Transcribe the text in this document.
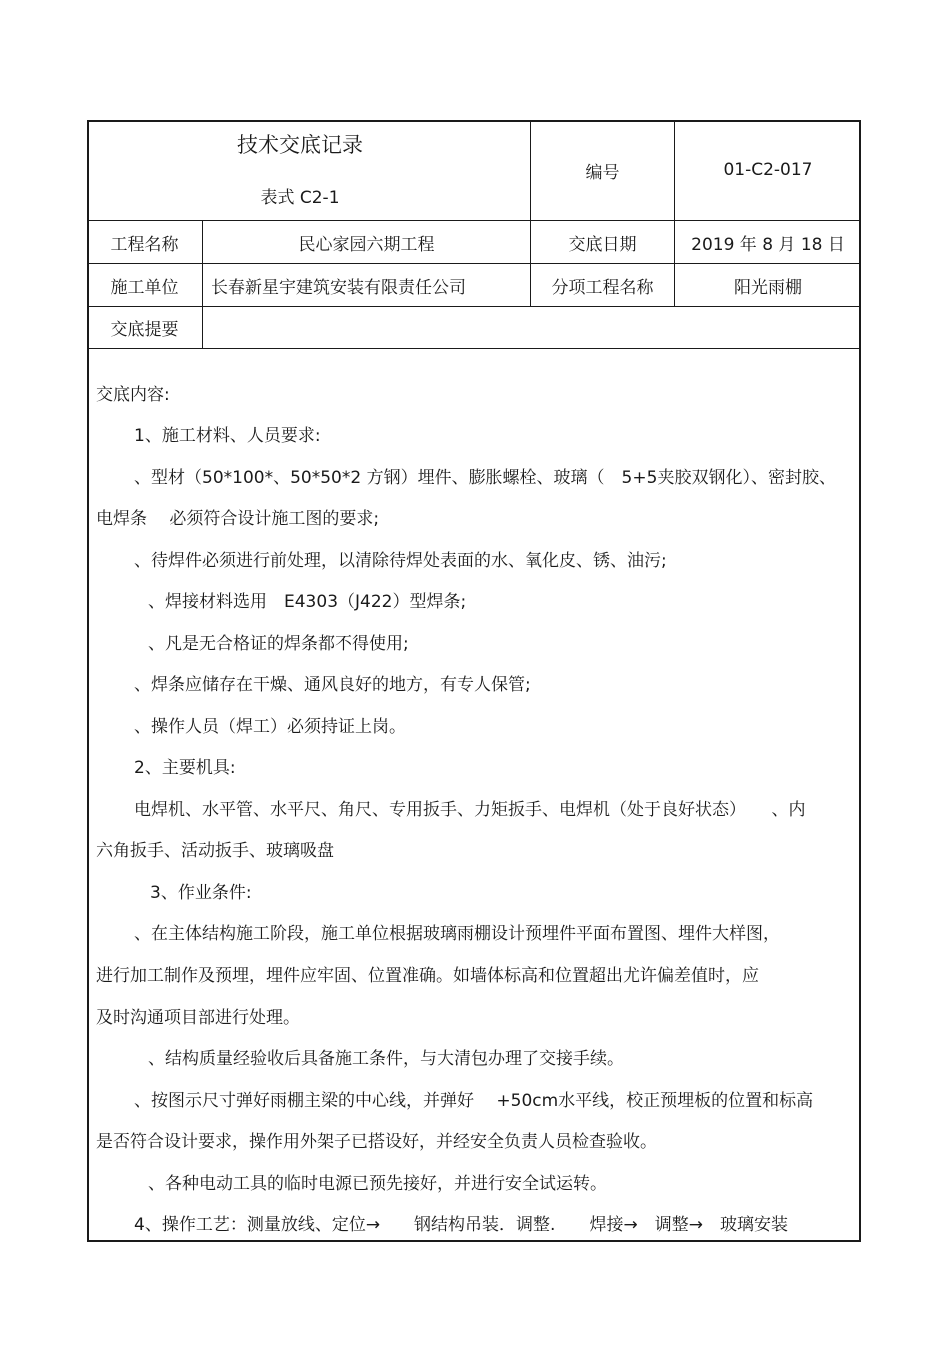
技术交底记录
表式 C2-1
编号	01-C2-017
工程名称	民心家园六期工程	交底日期	2019 年 8 月 18 日
施工单位	长春新星宇建筑安装有限责任公司	分项工程名称	阳光雨棚
交底提要
交底内容:
1、施工材料、人员要求:
、型材（50*100*、50*50*2 方钢）埋件、膨胀螺栓、玻璃（　5+5夹胶双钢化）、密封胶、
电焊条　 必须符合设计施工图的要求;
、待焊件必须进行前处理，以清除待焊处表面的水、氧化皮、锈、油污;
、焊接材料选用　E4303（J422）型焊条;
、凡是无合格证的焊条都不得使用;
、焊条应储存在干燥、通风良好的地方，有专人保管;
、操作人员（焊工）必须持证上岗。
2、主要机具:
电焊机、水平管、水平尺、角尺、专用扳手、力矩扳手、电焊机（处于良好状态）　　、内
六角扳手、活动扳手、玻璃吸盘
3、作业条件:
、在主体结构施工阶段，施工单位根据玻璃雨棚设计预埋件平面布置图、埋件大样图，
进行加工制作及预埋，埋件应牢固、位置准确。如墙体标高和位置超出尤许偏差值时，应
及时沟通项目部进行处理。
、结构质量经验收后具备施工条件，与大清包办理了交接手续。
、按图示尺寸弹好雨棚主梁的中心线，并弹好　 +50cm水平线，校正预埋板的位置和标高
是否符合设计要求，操作用外架子已搭设好，并经安全负责人员检查验收。
、各种电动工具的临时电源已预先接好，并进行安全试运转。
4、操作工艺：测量放线、定位→　　钢结构吊装．调整.　　焊接→　调整→　玻璃安装
